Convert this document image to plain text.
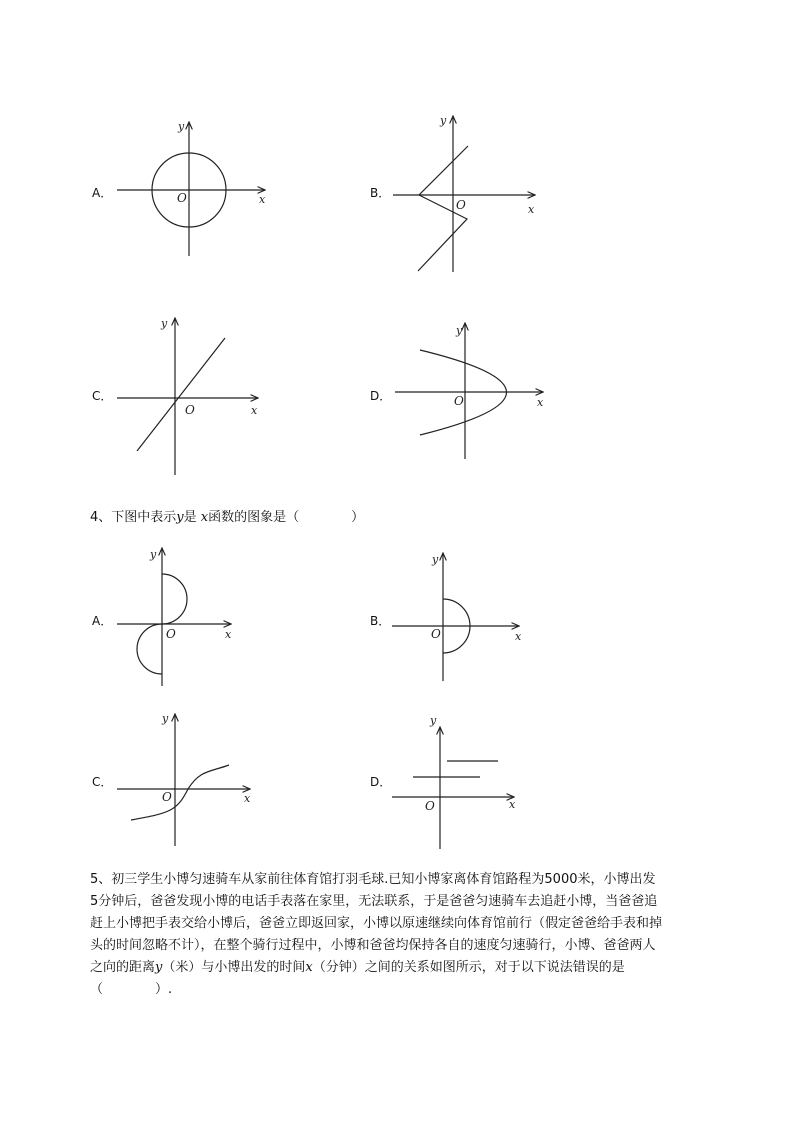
A．	B．
C．	D．
4、下图中表示y是 x函数的图象是（　　　　）
A．	B．
C．	D．
y
x
O
y
x
O
y
x
O
y
x
O
y
x
O
y
x
O
y
x
O
y
x
O
5、初三学生小博匀速骑车从家前往体育馆打羽毛球.已知小博家离体育馆路程为5000米，小博出发
5分钟后，爸爸发现小博的电话手表落在家里，无法联系，于是爸爸匀速骑车去追赶小博，当爸爸追
赶上小博把手表交给小博后，爸爸立即返回家，小博以原速继续向体育馆前行（假定爸爸给手表和掉
头的时间忽略不计），在整个骑行过程中，小博和爸爸均保持各自的速度匀速骑行，小博、爸爸两人
之向的距离y（米）与小博出发的时间x（分钟）之间的关系如图所示，对于以下说法错误的是
（　　　　）.
